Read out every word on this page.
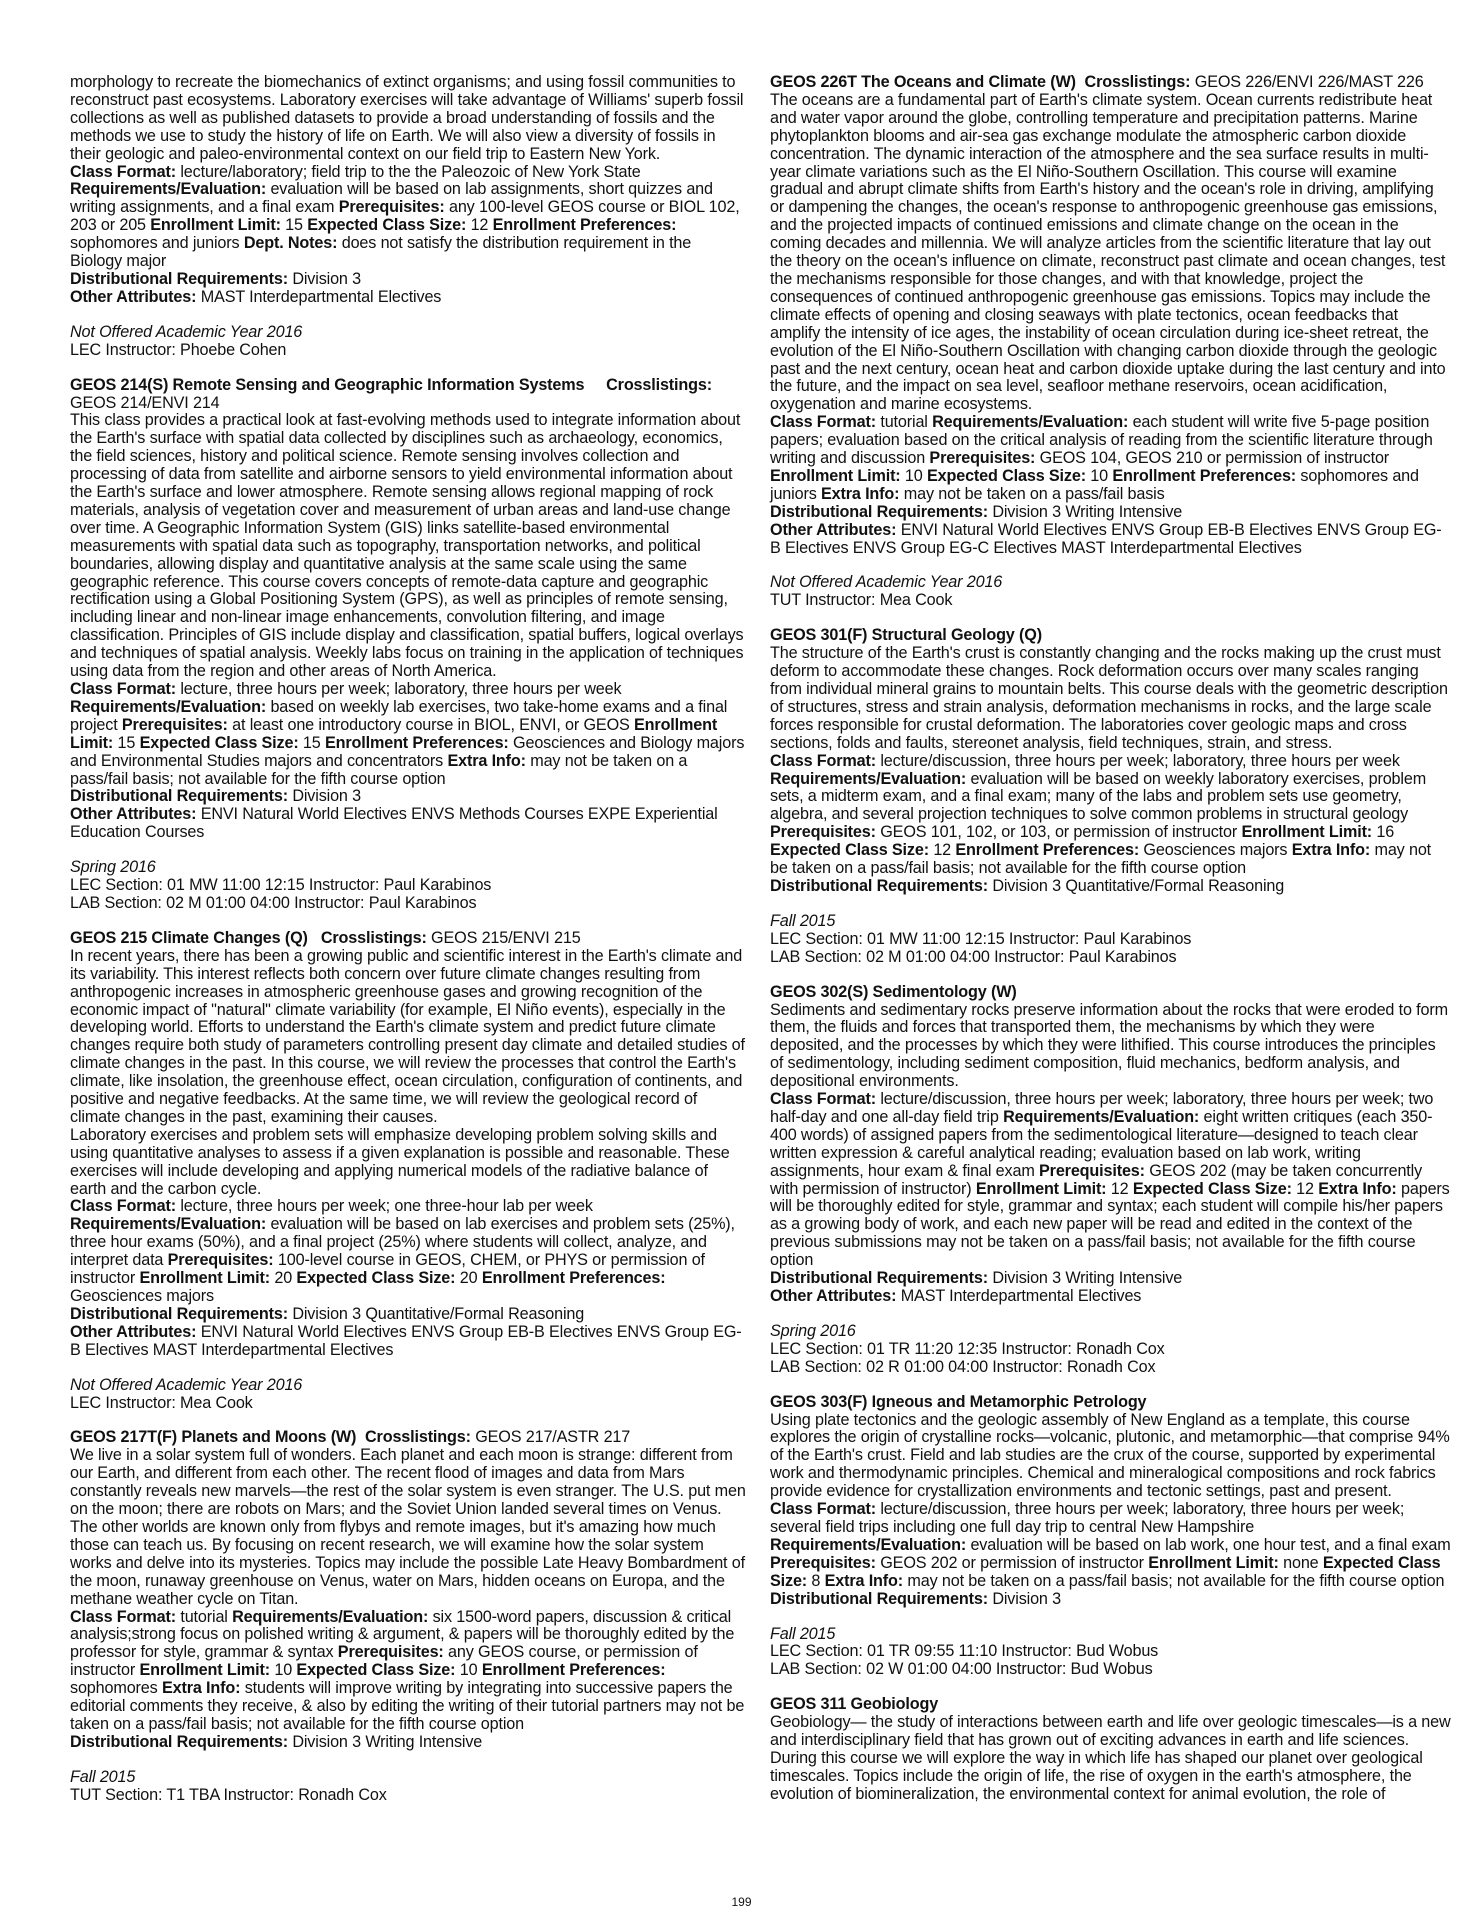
morphology to recreate the biomechanics of extinct organisms; and using fossil communities to reconstruct past ecosystems. Laboratory exercises will take advantage of Williams' superb fossil collections as well as published datasets to provide a broad understanding of fossils and the methods we use to study the history of life on Earth. We will also view a diversity of fossils in their geologic and paleo-environmental context on our field trip to Eastern New York.

Class Format: lecture/laboratory; field trip to the the Paleozoic of New York State Requirements/Evaluation: evaluation will be based on lab assignments, short quizzes and writing assignments, and a final exam Prerequisites: any 100-level GEOS course or BIOL 102, 203 or 205 Enrollment Limit: 15 Expected Class Size: 12 Enrollment Preferences: sophomores and juniors Dept. Notes: does not satisfy the distribution requirement in the Biology major

Distributional Requirements: Division 3

Other Attributes: MAST Interdepartmental Electives

Not Offered Academic Year 2016

LEC Instructor: Phoebe Cohen

GEOS 214(S) Remote Sensing and Geographic Information Systems Crosslistings: GEOS 214/ENVI 214

This class provides a practical look at fast-evolving methods used to integrate information about the Earth's surface with spatial data collected by disciplines such as archaeology, economics, the field sciences, history and political science. Remote sensing involves collection and processing of data from satellite and airborne sensors to yield environmental information about the Earth's surface and lower atmosphere. Remote sensing allows regional mapping of rock materials, analysis of vegetation cover and measurement of urban areas and land-use change over time. A Geographic Information System (GIS) links satellite-based environmental measurements with spatial data such as topography, transportation networks, and political boundaries, allowing display and quantitative analysis at the same scale using the same geographic reference. This course covers concepts of remote-data capture and geographic rectification using a Global Positioning System (GPS), as well as principles of remote sensing, including linear and non-linear image enhancements, convolution filtering, and image classification. Principles of GIS include display and classification, spatial buffers, logical overlays and techniques of spatial analysis. Weekly labs focus on training in the application of techniques using data from the region and other areas of North America.

Class Format: lecture, three hours per week; laboratory, three hours per week Requirements/Evaluation: based on weekly lab exercises, two take-home exams and a final project Prerequisites: at least one introductory course in BIOL, ENVI, or GEOS Enrollment Limit: 15 Expected Class Size: 15 Enrollment Preferences: Geosciences and Biology majors and Environmental Studies majors and concentrators Extra Info: may not be taken on a pass/fail basis; not available for the fifth course option

Distributional Requirements: Division 3

Other Attributes: ENVI Natural World Electives ENVS Methods Courses EXPE Experiential Education Courses

Spring 2016

LEC Section: 01 MW 11:00 12:15 Instructor: Paul Karabinos

LAB Section: 02 M 01:00 04:00 Instructor: Paul Karabinos

GEOS 215 Climate Changes (Q) Crosslistings: GEOS 215/ENVI 215

In recent years, there has been a growing public and scientific interest in the Earth's climate and its variability. This interest reflects both concern over future climate changes resulting from anthropogenic increases in atmospheric greenhouse gases and growing recognition of the economic impact of "natural" climate variability (for example, El Niño events), especially in the developing world. Efforts to understand the Earth's climate system and predict future climate changes require both study of parameters controlling present day climate and detailed studies of climate changes in the past. In this course, we will review the processes that control the Earth's climate, like insolation, the greenhouse effect, ocean circulation, configuration of continents, and positive and negative feedbacks. At the same time, we will review the geological record of climate changes in the past, examining their causes.

Laboratory exercises and problem sets will emphasize developing problem solving skills and using quantitative analyses to assess if a given explanation is possible and reasonable. These exercises will include developing and applying numerical models of the radiative balance of earth and the carbon cycle.

Class Format: lecture, three hours per week; one three-hour lab per week Requirements/Evaluation: evaluation will be based on lab exercises and problem sets (25%), three hour exams (50%), and a final project (25%) where students will collect, analyze, and interpret data Prerequisites: 100-level course in GEOS, CHEM, or PHYS or permission of instructor Enrollment Limit: 20 Expected Class Size: 20 Enrollment Preferences: Geosciences majors

Distributional Requirements: Division 3 Quantitative/Formal Reasoning

Other Attributes: ENVI Natural World Electives ENVS Group EB-B Electives ENVS Group EG-B Electives MAST Interdepartmental Electives

Not Offered Academic Year 2016

LEC Instructor: Mea Cook

GEOS 217T(F) Planets and Moons (W) Crosslistings: GEOS 217/ASTR 217

We live in a solar system full of wonders. Each planet and each moon is strange: different from our Earth, and different from each other. The recent flood of images and data from Mars constantly reveals new marvels—the rest of the solar system is even stranger. The U.S. put men on the moon; there are robots on Mars; and the Soviet Union landed several times on Venus. The other worlds are known only from flybys and remote images, but it's amazing how much those can teach us. By focusing on recent research, we will examine how the solar system works and delve into its mysteries. Topics may include the possible Late Heavy Bombardment of the moon, runaway greenhouse on Venus, water on Mars, hidden oceans on Europa, and the methane weather cycle on Titan.

Class Format: tutorial Requirements/Evaluation: six 1500-word papers, discussion & critical analysis;strong focus on polished writing & argument, & papers will be thoroughly edited by the professor for style, grammar & syntax Prerequisites: any GEOS course, or permission of instructor Enrollment Limit: 10 Expected Class Size: 10 Enrollment Preferences: sophomores Extra Info: students will improve writing by integrating into successive papers the editorial comments they receive, & also by editing the writing of their tutorial partners may not be taken on a pass/fail basis; not available for the fifth course option

Distributional Requirements: Division 3 Writing Intensive

Fall 2015

TUT Section: T1 TBA Instructor: Ronadh Cox

GEOS 226T The Oceans and Climate (W) Crosslistings: GEOS 226/ENVI 226/MAST 226

The oceans are a fundamental part of Earth's climate system. Ocean currents redistribute heat and water vapor around the globe, controlling temperature and precipitation patterns. Marine phytoplankton blooms and air-sea gas exchange modulate the atmospheric carbon dioxide concentration. The dynamic interaction of the atmosphere and the sea surface results in multi-year climate variations such as the El Niño-Southern Oscillation. This course will examine gradual and abrupt climate shifts from Earth's history and the ocean's role in driving, amplifying or dampening the changes, the ocean's response to anthropogenic greenhouse gas emissions, and the projected impacts of continued emissions and climate change on the ocean in the coming decades and millennia. We will analyze articles from the scientific literature that lay out the theory on the ocean's influence on climate, reconstruct past climate and ocean changes, test the mechanisms responsible for those changes, and with that knowledge, project the consequences of continued anthropogenic greenhouse gas emissions. Topics may include the climate effects of opening and closing seaways with plate tectonics, ocean feedbacks that amplify the intensity of ice ages, the instability of ocean circulation during ice-sheet retreat, the evolution of the El Niño-Southern Oscillation with changing carbon dioxide through the geologic past and the next century, ocean heat and carbon dioxide uptake during the last century and into the future, and the impact on sea level, seafloor methane reservoirs, ocean acidification, oxygenation and marine ecosystems.

Class Format: tutorial Requirements/Evaluation: each student will write five 5-page position papers; evaluation based on the critical analysis of reading from the scientific literature through writing and discussion Prerequisites: GEOS 104, GEOS 210 or permission of instructor Enrollment Limit: 10 Expected Class Size: 10 Enrollment Preferences: sophomores and juniors Extra Info: may not be taken on a pass/fail basis

Distributional Requirements: Division 3 Writing Intensive

Other Attributes: ENVI Natural World Electives ENVS Group EB-B Electives ENVS Group EG-B Electives ENVS Group EG-C Electives MAST Interdepartmental Electives

Not Offered Academic Year 2016

TUT Instructor: Mea Cook

GEOS 301(F) Structural Geology (Q)

The structure of the Earth's crust is constantly changing and the rocks making up the crust must deform to accommodate these changes. Rock deformation occurs over many scales ranging from individual mineral grains to mountain belts. This course deals with the geometric description of structures, stress and strain analysis, deformation mechanisms in rocks, and the large scale forces responsible for crustal deformation. The laboratories cover geologic maps and cross sections, folds and faults, stereonet analysis, field techniques, strain, and stress.

Class Format: lecture/discussion, three hours per week; laboratory, three hours per week Requirements/Evaluation: evaluation will be based on weekly laboratory exercises, problem sets, a midterm exam, and a final exam; many of the labs and problem sets use geometry, algebra, and several projection techniques to solve common problems in structural geology Prerequisites: GEOS 101, 102, or 103, or permission of instructor Enrollment Limit: 16 Expected Class Size: 12 Enrollment Preferences: Geosciences majors Extra Info: may not be taken on a pass/fail basis; not available for the fifth course option

Distributional Requirements: Division 3 Quantitative/Formal Reasoning

Fall 2015

LEC Section: 01 MW 11:00 12:15 Instructor: Paul Karabinos

LAB Section: 02 M 01:00 04:00 Instructor: Paul Karabinos

GEOS 302(S) Sedimentology (W)

Sediments and sedimentary rocks preserve information about the rocks that were eroded to form them, the fluids and forces that transported them, the mechanisms by which they were deposited, and the processes by which they were lithified. This course introduces the principles of sedimentology, including sediment composition, fluid mechanics, bedform analysis, and depositional environments.

Class Format: lecture/discussion, three hours per week; laboratory, three hours per week; two half-day and one all-day field trip Requirements/Evaluation: eight written critiques (each 350-400 words) of assigned papers from the sedimentological literature—designed to teach clear written expression & careful analytical reading; evaluation based on lab work, writing assignments, hour exam & final exam Prerequisites: GEOS 202 (may be taken concurrently with permission of instructor) Enrollment Limit: 12 Expected Class Size: 12 Extra Info: papers will be thoroughly edited for style, grammar and syntax; each student will compile his/her papers as a growing body of work, and each new paper will be read and edited in the context of the previous submissions may not be taken on a pass/fail basis; not available for the fifth course option

Distributional Requirements: Division 3 Writing Intensive

Other Attributes: MAST Interdepartmental Electives

Spring 2016

LEC Section: 01 TR 11:20 12:35 Instructor: Ronadh Cox

LAB Section: 02 R 01:00 04:00 Instructor: Ronadh Cox

GEOS 303(F) Igneous and Metamorphic Petrology

Using plate tectonics and the geologic assembly of New England as a template, this course explores the origin of crystalline rocks—volcanic, plutonic, and metamorphic—that comprise 94% of the Earth's crust. Field and lab studies are the crux of the course, supported by experimental work and thermodynamic principles. Chemical and mineralogical compositions and rock fabrics provide evidence for crystallization environments and tectonic settings, past and present.

Class Format: lecture/discussion, three hours per week; laboratory, three hours per week; several field trips including one full day trip to central New Hampshire Requirements/Evaluation: evaluation will be based on lab work, one hour test, and a final exam Prerequisites: GEOS 202 or permission of instructor Enrollment Limit: none Expected Class Size: 8 Extra Info: may not be taken on a pass/fail basis; not available for the fifth course option

Distributional Requirements: Division 3

Fall 2015

LEC Section: 01 TR 09:55 11:10 Instructor: Bud Wobus

LAB Section: 02 W 01:00 04:00 Instructor: Bud Wobus

GEOS 311 Geobiology

Geobiology— the study of interactions between earth and life over geologic timescales—is a new and interdisciplinary field that has grown out of exciting advances in earth and life sciences. During this course we will explore the way in which life has shaped our planet over geological timescales. Topics include the origin of life, the rise of oxygen in the earth's atmosphere, the evolution of biomineralization, the environmental context for animal evolution, the role of

199
